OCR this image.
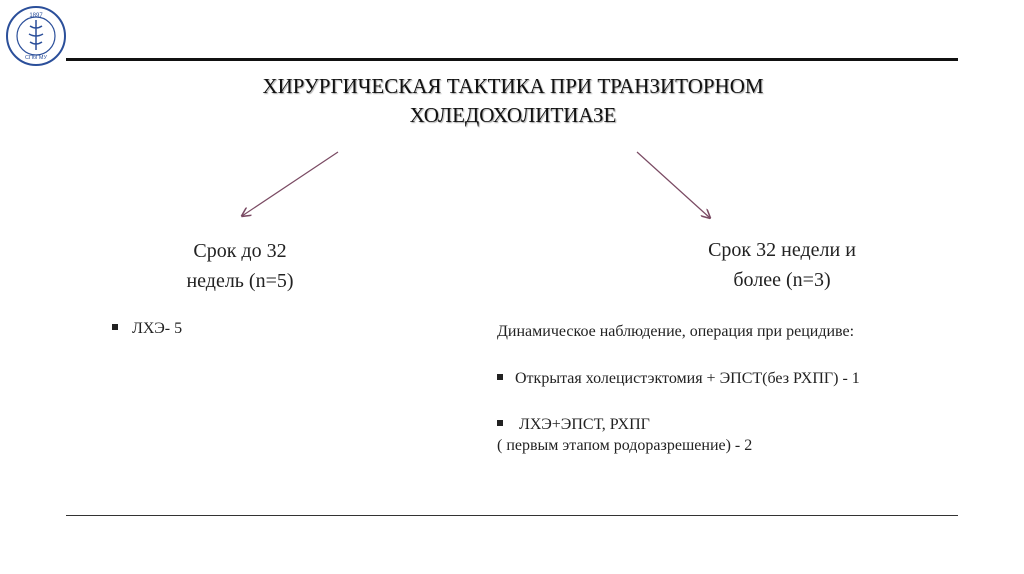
1897
СПбГМУ
ХИРУРГИЧЕСКАЯ ТАКТИКА ПРИ ТРАНЗИТОРНОМ
ХОЛЕДОХОЛИТИАЗЕ
Срок до 32
недель (n=5)
Срок 32 недели и
более (n=3)
ЛХЭ- 5	Динамическое наблюдение, операция при рецидиве:
Открытая холецистэктомия + ЭПСТ(без РХПГ) - 1
ЛХЭ+ЭПСТ, РХПГ
( первым этапом родоразрешение) - 2
